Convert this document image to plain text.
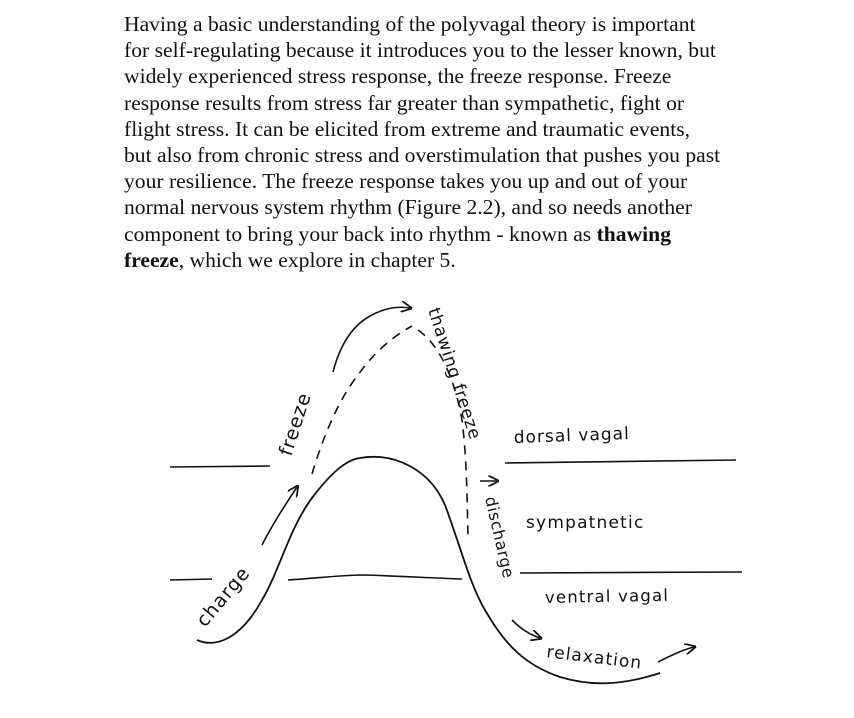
Having a basic understanding of the polyvagal theory is important
for self-regulating because it introduces you to the lesser known, but
widely experienced stress response, the freeze response. Freeze
response results from stress far greater than sympathetic, fight or
flight stress. It can be elicited from extreme and traumatic events,
but also from chronic stress and overstimulation that pushes you past
your resilience. The freeze response takes you up and out of your
normal nervous system rhythm (Figure 2.2), and so needs another
component to bring your back into rhythm - known as thawing
freeze, which we explore in chapter 5.
dorsal vagal
sympatnetic
ventral vagal
charge
freeze	thawing freeze
discharge
relaxation
